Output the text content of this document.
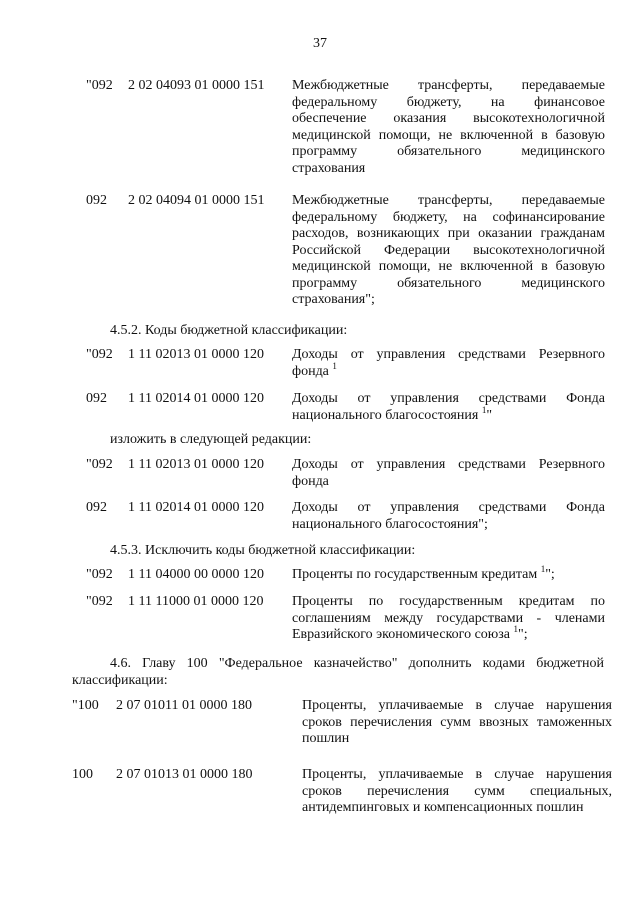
37
"092 2 02 04093 01 0000 151 Межбюджетные трансферты, передаваемые федеральному бюджету, на финансовое обеспечение оказания высокотехнологичной медицинской помощи, не включенной в базовую программу обязательного медицинского страхования
092 2 02 04094 01 0000 151 Межбюджетные трансферты, передаваемые федеральному бюджету, на софинансирование расходов, возникающих при оказании гражданам Российской Федерации высокотехнологичной медицинской помощи, не включенной в базовую программу обязательного медицинского страхования";
4.5.2. Коды бюджетной классификации:
"092 1 11 02013 01 0000 120 Доходы от управления средствами Резервного фонда $^1$
092 1 11 02014 01 0000 120 Доходы от управления средствами Фонда национального благосостояния $^1$"
изложить в следующей редакции:
"092 1 11 02013 01 0000 120 Доходы от управления средствами Резервного фонда
092 1 11 02014 01 0000 120 Доходы от управления средствами Фонда национального благосостояния";
4.5.3. Исключить коды бюджетной классификации:
"092 1 11 04000 00 0000 120 Проценты по государственным кредитам $^1$";
"092 1 11 11000 01 0000 120 Проценты по государственным кредитам по соглашениям между государствами - членами Евразийского экономического союза $^1$";
4.6. Главу 100 "Федеральное казначейство" дополнить кодами бюджетной
классификации:
"100 2 07 01011 01 0000 180	Проценты, уплачиваемые в случае нарушения сроков перечисления сумм ввозных таможенных пошлин
100 2 07 01013 01 0000 180	Проценты, уплачиваемые в случае нарушения сроков перечисления сумм специальных, антидемпинговых и компенсационных пошлин
